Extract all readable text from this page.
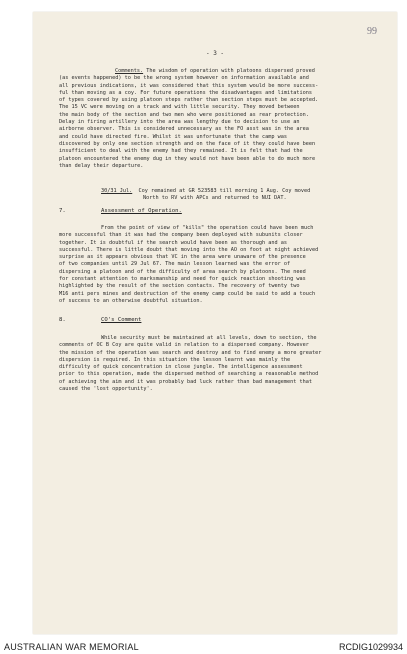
99
- 3 -
Comments. The wisdom of operation with platoons dispersed proved
(as events happened) to be the wrong system however on information available and
all previous indications, it was considered that this system would be more success-
ful than moving as a coy. For future operations the disadvantages and limitations
of types covered by using platoon steps rather than section steps must be accepted.
The 15 VC were moving on a track and with little security. They moved between
the main body of the section and two men who were positioned as rear protection.
Delay in firing artillery into the area was lengthy due to decision to use an
airborne observer. This is considered unnecessary as the FO asst was in the area
and could have directed fire. Whilst it was unfortunate that the camp was
discovered by only one section strength and on the face of it they could have been
insufficient to deal with the enemy had they remained. It is felt that had the
platoon encountered the enemy dug in they would not have been able to do much more
than delay their departure.
30/31 Jul. Coy remained at GR 523583 till morning 1 Aug. Coy moved
North to RV with APCs and returned to NUI DAT.
7.	Assessment of Operation.
From the point of view of "kills" the operation could have been much
more successful than it was had the company been deployed with subunits closer
together. It is doubtful if the search would have been as thorough and as
successful. There is little doubt that moving into the AO on foot at night achieved
surprise as it appears obvious that VC in the area were unaware of the presence
of two companies until 29 Jul 67. The main lesson learned was the error of
dispersing a platoon and of the difficulty of area search by platoons. The need
for constant attention to marksmanship and need for quick reaction shooting was
highlighted by the result of the section contacts. The recovery of twenty two
M16 anti pers mines and destruction of the enemy camp could be said to add a touch
of success to an otherwise doubtful situation.
8.	CO's Comment
While security must be maintained at all levels, down to section, the
comments of OC B Coy are quite valid in relation to a dispersed company. However
the mission of the operation was search and destroy and to find enemy a more greater
dispersion is required. In this situation the lesson learnt was mainly the
difficulty of quick concentration in close jungle. The intelligence assessment
prior to this operation, made the dispersed method of searching a reasonable method
of achieving the aim and it was probably bad luck rather than bad management that
caused the 'lost opportunity'.
AUSTRALIAN WAR MEMORIAL	RCDIG1029934
